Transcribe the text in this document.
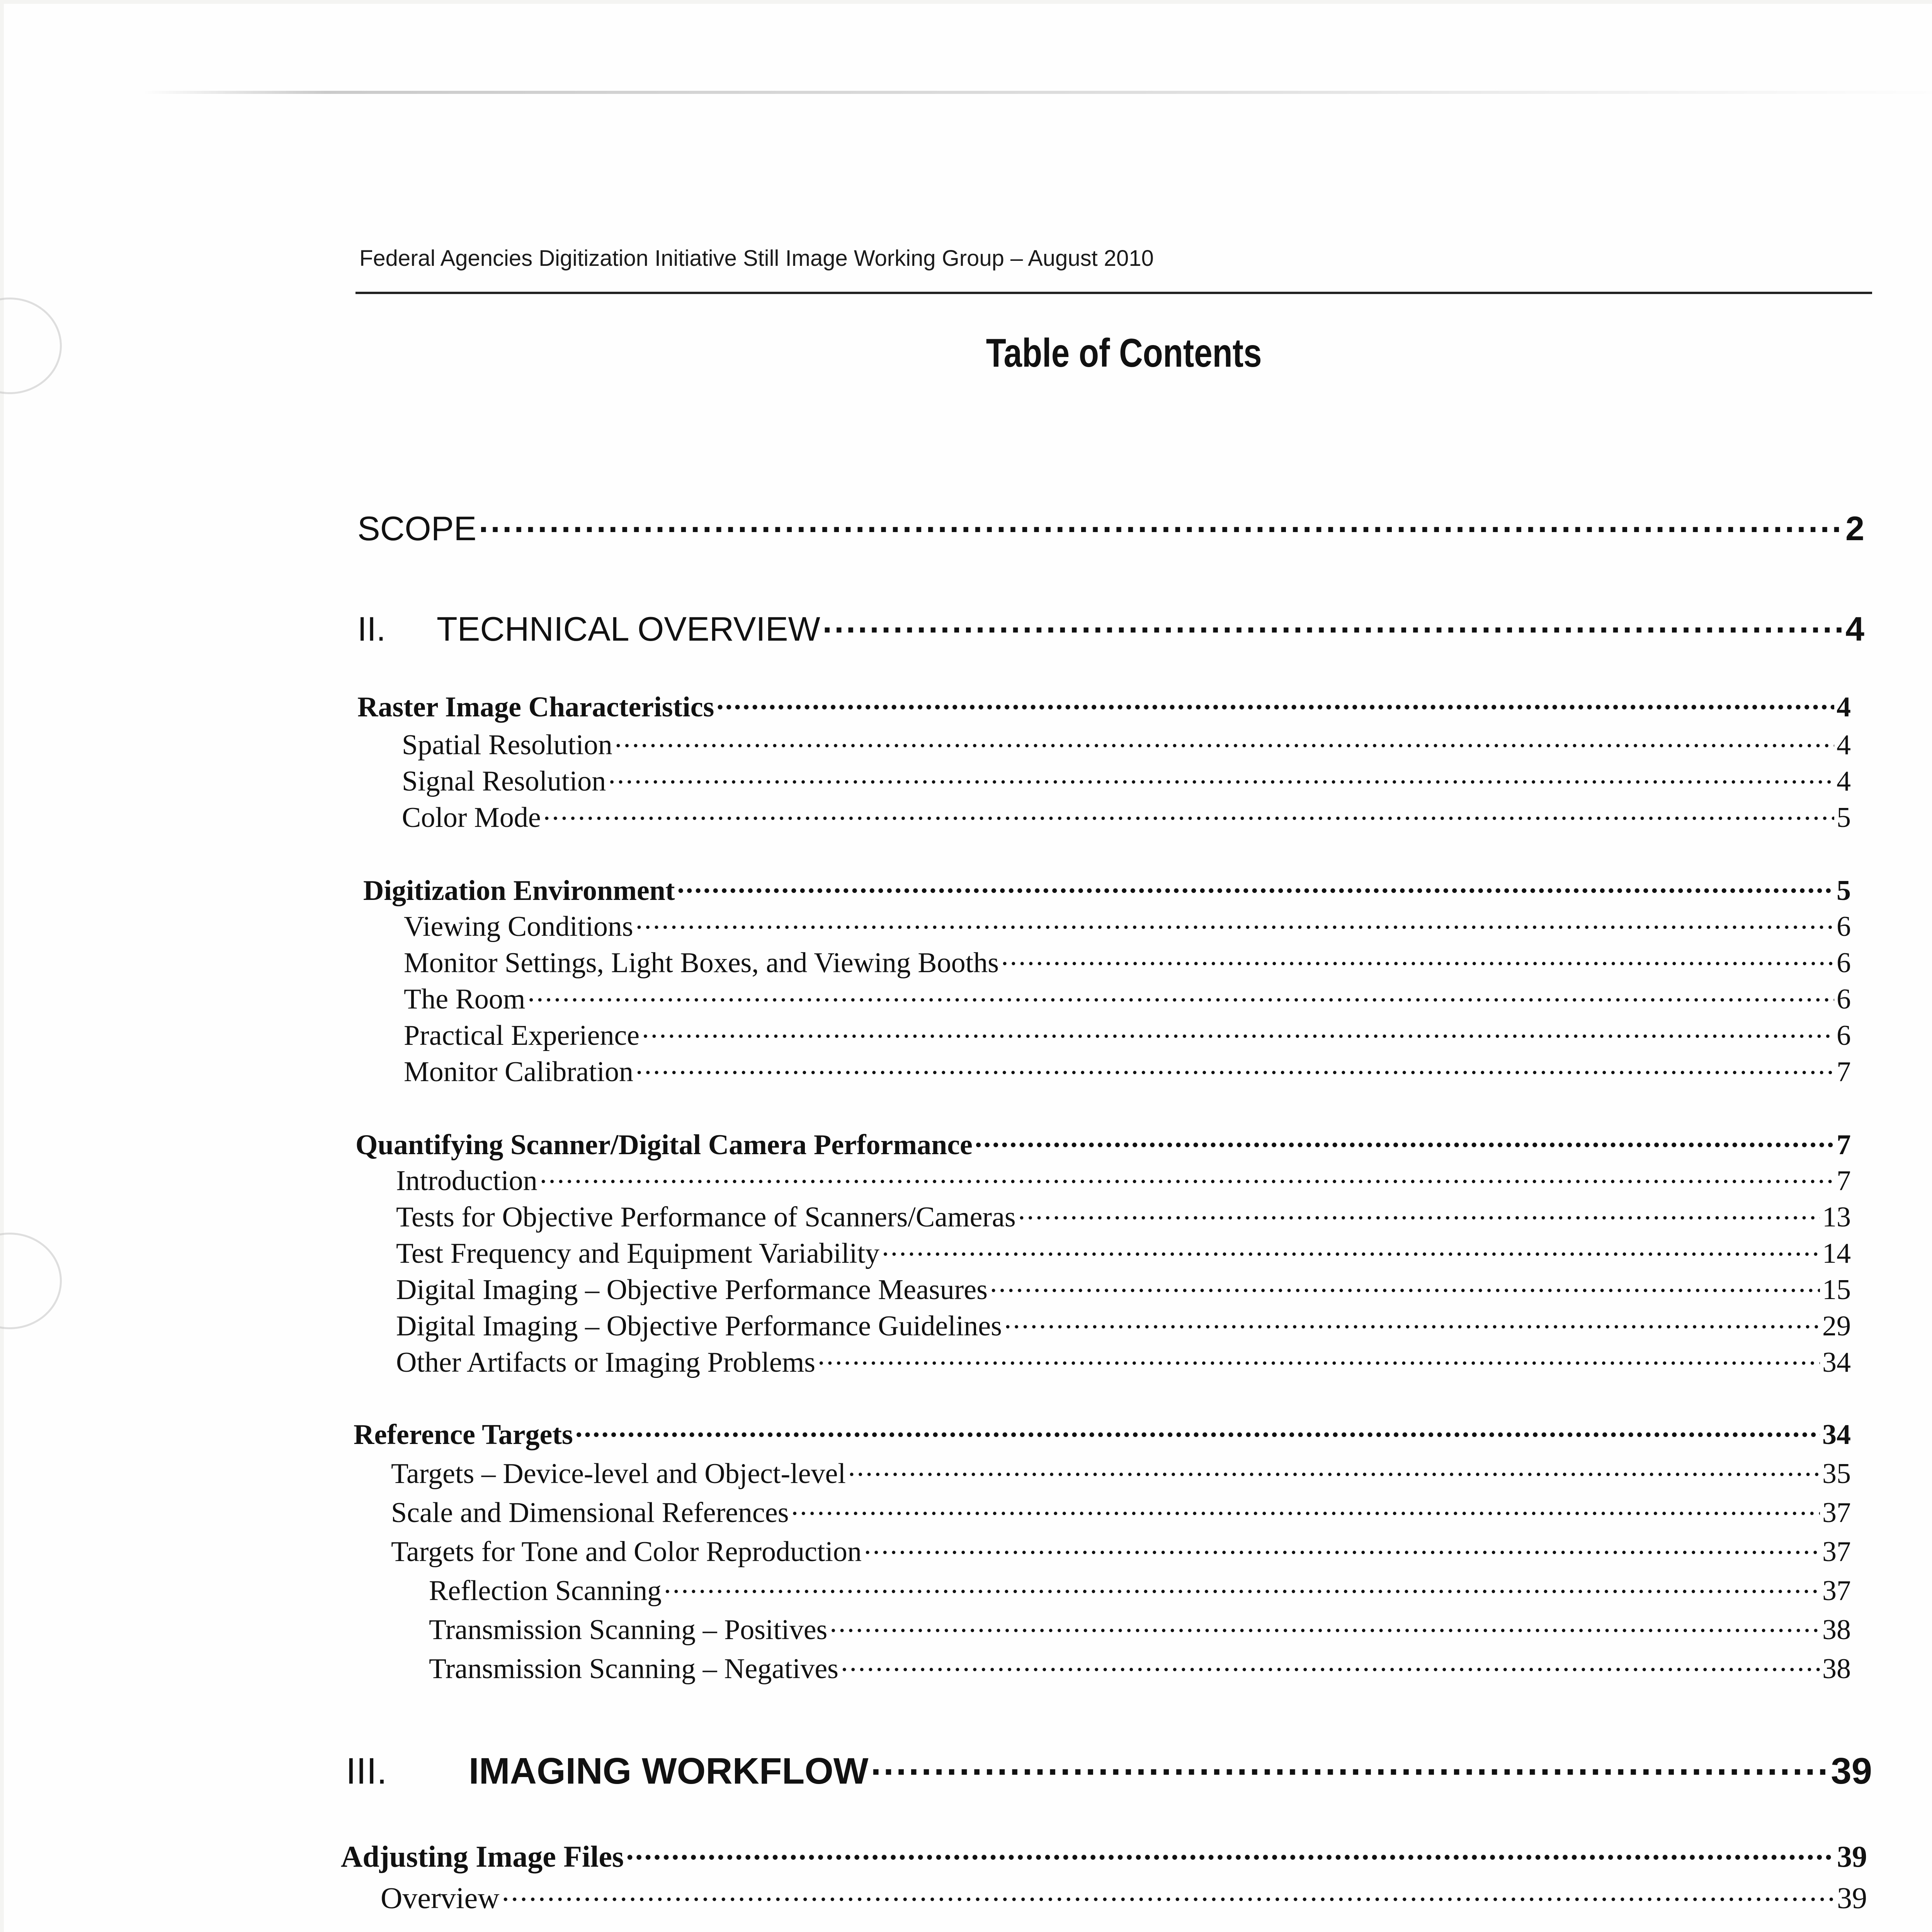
Federal Agencies Digitization Initiative Still Image Working Group – August 2010
Table of Contents
SCOPE .....	2
II.	TECHNICAL OVERVIEW .....	4
Raster Image Characteristics .....	4
Spatial Resolution .....	4
Signal Resolution .....	4
Color Mode .....	5
Digitization Environment .....	5
Viewing Conditions .....	6
Monitor Settings, Light Boxes, and Viewing Booths .....	6
The Room .....	6
Practical Experience .....	6
Monitor Calibration .....	7
Quantifying Scanner/Digital Camera Performance .....	7
Introduction .....	7
Tests for Objective Performance of Scanners/Cameras .....	13
Test Frequency and Equipment Variability .....	14
Digital Imaging – Objective Performance Measures .....	15
Digital Imaging – Objective Performance Guidelines .....	29
Other Artifacts or Imaging Problems .....	34
Reference Targets .....	34
Targets – Device-level and Object-level .....	35
Scale and Dimensional References .....	37
Targets for Tone and Color Reproduction .....	37
Reflection Scanning .....	37
Transmission Scanning – Positives .....	38
Transmission Scanning – Negatives .....	38
III.	IMAGING WORKFLOW .....	39
Adjusting Image Files .....	39
Overview .....	39
